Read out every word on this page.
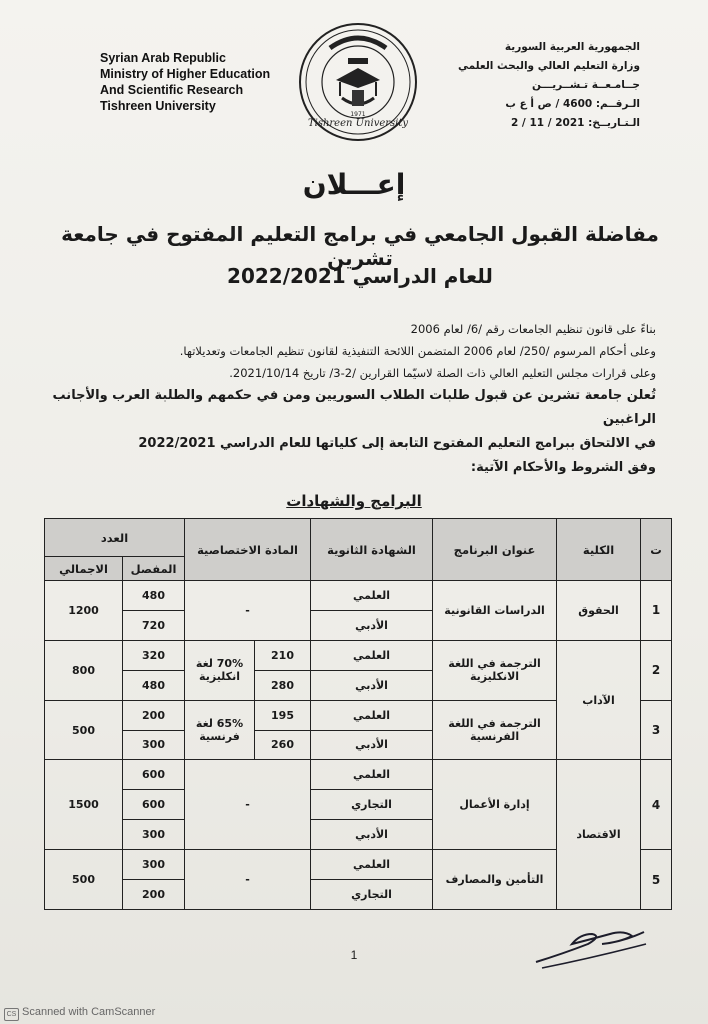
Syrian Arab Republic
Ministry of Higher Education
And Scientific Research
Tishreen University
Tishreen University
1971
الجمهورية العربية السورية
وزارة التعليم العالي والبحث العلمي
جــامـعــة تـشــريـــن
الـرقــم: 4600 / ص أ ع ب
الـتـاريــخ: 2021 / 11 / 2
إعـــلان
مفاضلة القبول الجامعي في برامج التعليم المفتوح في جامعة تشرين
للعام الدراسي 2022/2021

بناءً على قانون تنظيم الجامعات رقم /6/ لعام 2006

وعلى أحكام المرسوم /250/ لعام 2006 المتضمن اللائحة التنفيذية لقانون تنظيم الجامعات وتعديلاتها.

وعلى قرارات مجلس التعليم العالي ذات الصلة لاسيّما القرارين /2-3/ تاريخ 2021/10/14.

تُعلن جامعة تشرين عن قبول طلبات الطلاب السوريين ومن في حكمهم والطلبة العرب والأجانب الراغبين

في الالتحاق ببرامج التعليم المفتوح التابعة إلى كلياتها للعام الدراسي 2022/2021

وفق الشروط والأحكام الآتية:

البرامج والشهادات
ت	الكلية	عنوان البرنامج	الشهادة الثانوية	المادة الاختصاصية		العدد	
						المفصل	الاجمالي
1	الحقوق	الدراسات القانونية	العلمي	-		480	1200
			الأدبي			720	
2	الآداب	الترجمة في اللغة الانكليزية	العلمي	210	70% لغة انكليزية	320	800
			الأدبي	280		480	
3		الترجمة في اللغة الفرنسية	العلمي	195	65% لغة فرنسية	200	500
			الأدبي	260		300	
4	الاقتصاد	إدارة الأعمال	العلمي	-		600	1500
			التجاري			600	
			الأدبي			300	
5		التأمين والمصارف	العلمي	-		300	500
			التجاري			200	
1
CS Scanned with CamScanner
